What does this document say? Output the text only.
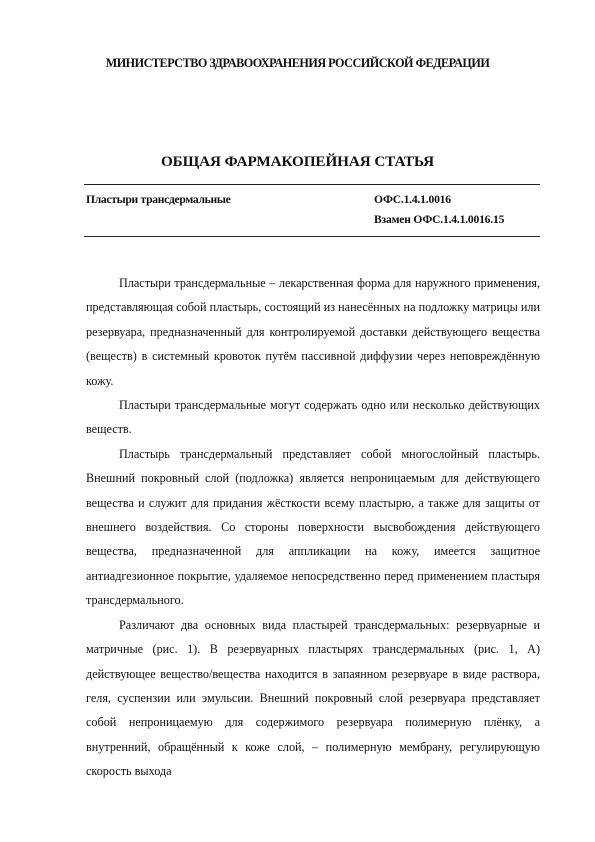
МИНИСТЕРСТВО ЗДРАВООХРАНЕНИЯ РОССИЙСКОЙ ФЕДЕРАЦИИ
ОБЩАЯ ФАРМАКОПЕЙНАЯ СТАТЬЯ
Пластыри трансдермальные	ОФС.1.4.1.0016
Взамен ОФС.1.4.1.0016.15

Пластыри трансдермальные – лекарственная форма для наружного применения, представляющая собой пластырь, состоящий из нанесённых на подложку матрицы или резервуара, предназначенный для контролируемой доставки действующего вещества (веществ) в системный кровоток путём пассивной диффузии через неповреждённую кожу.

Пластыри трансдермальные могут содержать одно или несколько действующих веществ.

Пластырь трансдермальный представляет собой многослойный пластырь. Внешний покровный слой (подложка) является непроницаемым для действующего вещества и служит для придания жёсткости всему пластырю, а также для защиты от внешнего воздействия. Со стороны поверхности высвобождения действующего вещества, предназначенной для аппликации на кожу, имеется защитное антиадгезионное покрытие, удаляемое непосредственно перед применением пластыря трансдермального.

Различают два основных вида пластырей трансдермальных: резервуарные и матричные (рис. 1). В резервуарных пластырях трансдермальных (рис. 1, А) действующее вещество/вещества находится в запаянном резервуаре в виде раствора, геля, суспензии или эмульсии. Внешний покровный слой резервуара представляет собой непроницаемую для содержимого резервуара полимерную плёнку, а внутренний, обращённый к коже слой, – полимерную мембрану, регулирующую скорость выхода
